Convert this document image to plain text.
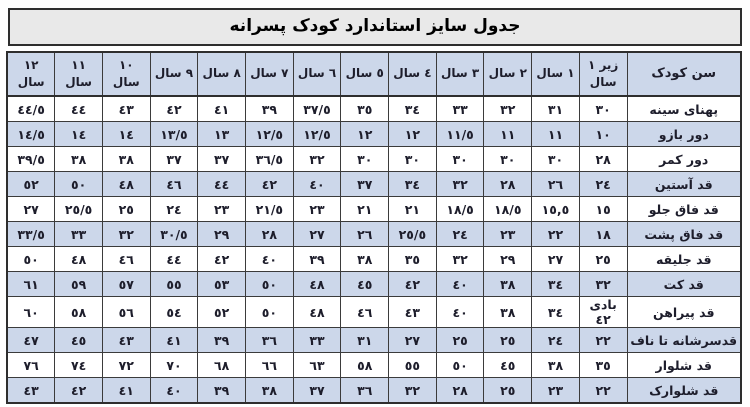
جدول سایز استاندارد کودک پسرانه
سن کودک	زیر ١ سال	١ سال	٢ سال	٣ سال	٤ سال	٥ سال	٦ سال	٧ سال	٨ سال	٩ سال	١٠ سال	١١ سال	١٢ سال
پهنای سینه	٣٠	٣١	٣٢	٣٣	٣٤	٣٥	٣٧/٥	٣٩	٤١	٤٢	٤٣	٤٤	٤٤/٥
دور بازو	١٠	١١	١١	١١/٥	١٢	١٢	١٢/٥	١٢/٥	١٣	١٣/٥	١٤	١٤	١٤/٥
دور کمر	٢٨	٣٠	٣٠	٣٠	٣٠	٣٠	٣٢	٣٦/٥	٣٧	٣٧	٣٨	٣٨	٣٩/٥
قد آستین	٢٤	٢٦	٢٨	٣٢	٣٤	٣٧	٤٠	٤٢	٤٤	٤٦	٤٨	٥٠	٥٢
قد فاق جلو	١٥	١٥,٥	١٨/٥	١٨/٥	٢١	٢١	٢٣	٢١/٥	٢٣	٢٤	٢٥	٢٥/٥	٢٧
قد فاق پشت	١٨	٢٢	٢٣	٢٤	٢٥/٥	٢٦	٢٧	٢٨	٢٩	٣٠/٥	٣٢	٣٣	٣٣/٥
قد جلیقه	٢٥	٢٧	٢٩	٣٢	٣٥	٣٨	٣٩	٤٠	٤٢	٤٤	٤٦	٤٨	٥٠
قد کت	٣٢	٣٤	٣٨	٤٠	٤٢	٤٥	٤٨	٥٠	٥٣	٥٥	٥٧	٥٩	٦١
قد پیراهن	بادی ٤٢	٣٤	٣٨	٤٠	٤٣	٤٦	٤٨	٥٠	٥٢	٥٤	٥٦	٥٨	٦٠
قدسرشانه تا ناف	٢٢	٢٤	٢٥	٢٥	٢٧	٣١	٣٣	٣٦	٣٩	٤١	٤٣	٤٥	٤٧
قد شلوار	٣٥	٣٨	٤٥	٥٠	٥٥	٥٨	٦٣	٦٦	٦٨	٧٠	٧٢	٧٤	٧٦
قد شلوارک	٢٢	٢٣	٢٥	٢٨	٣٢	٣٦	٣٧	٣٨	٣٩	٤٠	٤١	٤٢	٤٣
